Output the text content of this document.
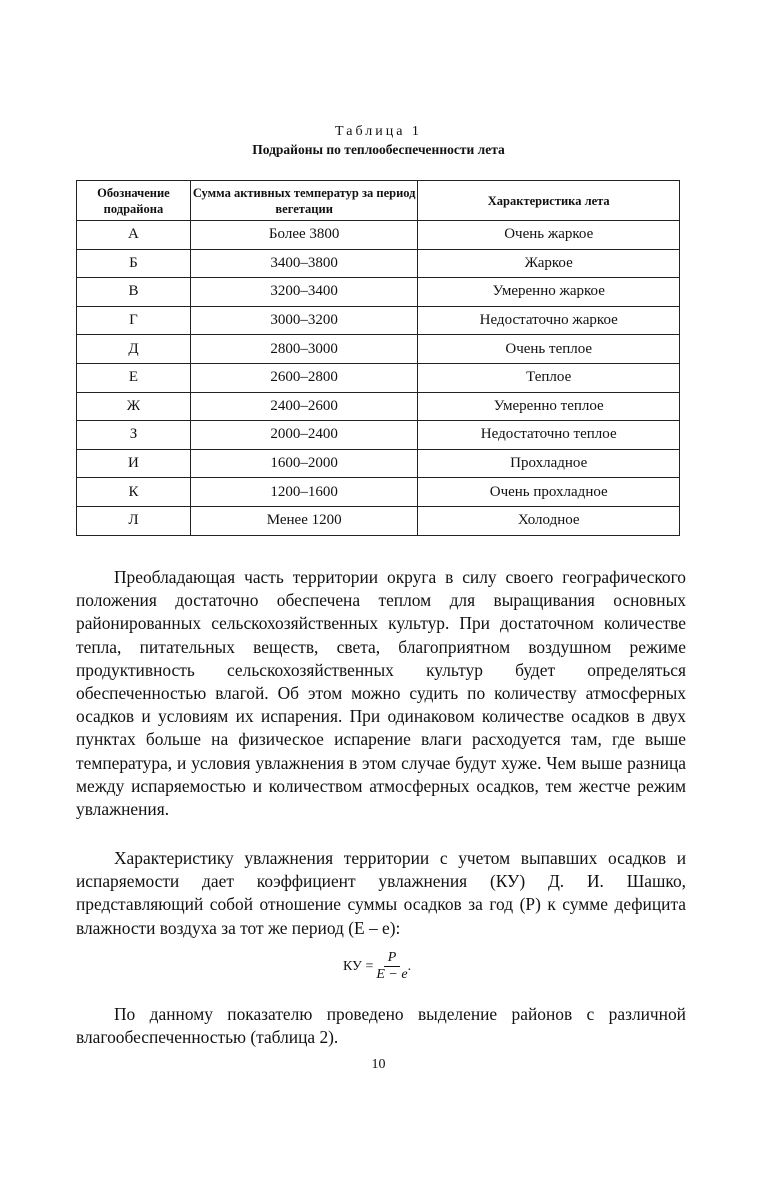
Таблица 1
Подрайоны по теплообеспеченности лета
Обозначение подрайона	Сумма активных температур за период вегетации	Характеристика лета
А	Более 3800	Очень жаркое
Б	3400–3800	Жаркое
В	3200–3400	Умеренно жаркое
Г	3000–3200	Недостаточно жаркое
Д	2800–3000	Очень теплое
Е	2600–2800	Теплое
Ж	2400–2600	Умеренно теплое
З	2000–2400	Недостаточно теплое
И	1600–2000	Прохладное
К	1200–1600	Очень прохладное
Л	Менее 1200	Холодное

Преобладающая часть территории округа в силу своего географического положения достаточно обеспечена теплом для выращивания основных районированных сельскохозяйственных культур. При достаточном количестве тепла, питательных веществ, света, благоприятном воздушном режиме продуктивность сельскохозяйственных культур будет определяться обеспеченностью влагой. Об этом можно судить по количеству атмосферных осадков и условиям их испарения. При одинаковом количестве осадков в двух пунктах больше на физическое испарение влаги расходуется там, где выше температура, и условия увлажнения в этом случае будут хуже. Чем выше разница между испаряемостью и количеством атмосферных осадков, тем жестче режим увлажнения.

Характеристику увлажнения территории с учетом выпавших осадков и испаряемости дает коэффициент увлажнения (КУ) Д. И. Шашко, представляющий собой отношение суммы осадков за год (P) к сумме дефицита влажности воздуха за тот же период (E – e):

КУ = $\frac{P}{E - e}$ .

По данному показателю проведено выделение районов с различной влагообеспеченностью (таблица 2).

10
